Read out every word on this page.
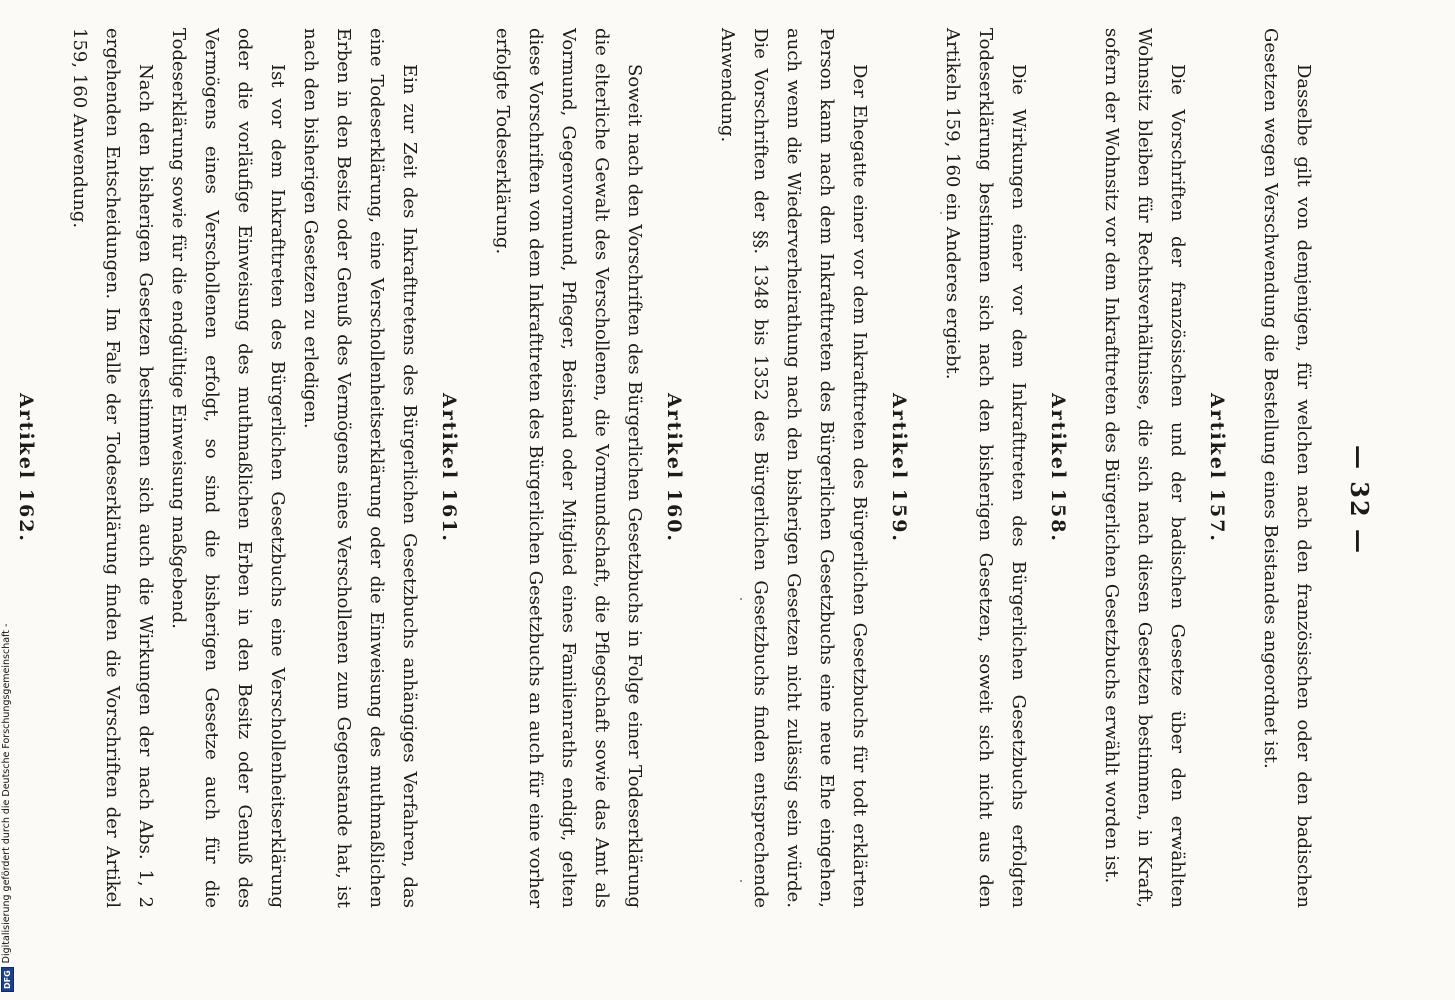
DFG
Digitalisierung gefördert durch die Deutsche Forschungsgemeinschaft -
— 32 —

Dasselbe gilt von demjenigen, für welchen nach den französischen oder den badischen Gesetzen wegen Verschwendung die Bestellung eines Beistandes angeordnet ist.

Artikel 157.

Die Vorschriften der französischen und der badischen Gesetze über den erwählten Wohnsitz bleiben für Rechtsverhältnisse, die sich nach diesen Gesetzen bestimmen, in Kraft, sofern der Wohnsitz vor dem Inkrafttreten des Bürgerlichen Gesetzbuchs erwählt worden ist.

Artikel 158.

Die Wirkungen einer vor dem Inkrafttreten des Bürgerlichen Gesetzbuchs erfolgten Todeserklärung bestimmen sich nach den bisherigen Gesetzen, soweit sich nicht aus den Artikeln 159, 160 ein Anderes ergiebt.

Artikel 159.

Der Ehegatte einer vor dem Inkrafttreten des Bürgerlichen Gesetzbuchs für todt erklärten Person kann nach dem Inkrafttreten des Bürgerlichen Gesetzbuchs eine neue Ehe eingehen, auch wenn die Wiederverheirathung nach den bisherigen Gesetzen nicht zulässig sein würde. Die Vorschriften der §§. 1348 bis 1352 des Bürgerlichen Gesetzbuchs finden entsprechende Anwendung.

Artikel 160.

Soweit nach den Vorschriften des Bürgerlichen Gesetzbuchs in Folge einer Todeserklärung die elterliche Gewalt des Verschollenen, die Vormundschaft, die Pflegschaft sowie das Amt als Vormund, Gegenvormund, Pfleger, Beistand oder Mitglied eines Familienraths endigt, gelten diese Vorschriften von dem Inkrafttreten des Bürgerlichen Gesetzbuchs an auch für eine vorher erfolgte Todeserklärung.

Artikel 161.

Ein zur Zeit des Inkrafttretens des Bürgerlichen Gesetzbuchs anhängiges Verfahren, das eine Todeserklärung, eine Verschollenheitserklärung oder die Einweisung des muthmaßlichen Erben in den Besitz oder Genuß des Vermögens eines Verschollenen zum Gegenstande hat, ist nach den bisherigen Gesetzen zu erledigen.

Ist vor dem Inkrafttreten des Bürgerlichen Gesetzbuchs eine Verschollenheitserklärung oder die vorläufige Einweisung des muthmaßlichen Erben in den Besitz oder Genuß des Vermögens eines Verschollenen erfolgt, so sind die bisherigen Gesetze auch für die Todeserklärung sowie für die endgültige Einweisung maßgebend.

Nach den bisherigen Gesetzen bestimmen sich auch die Wirkungen der nach Abs. 1, 2 ergehenden Entscheidungen. Im Falle der Todeserklärung finden die Vorschriften der Artikel 159, 160 Anwendung.

Artikel 162.
